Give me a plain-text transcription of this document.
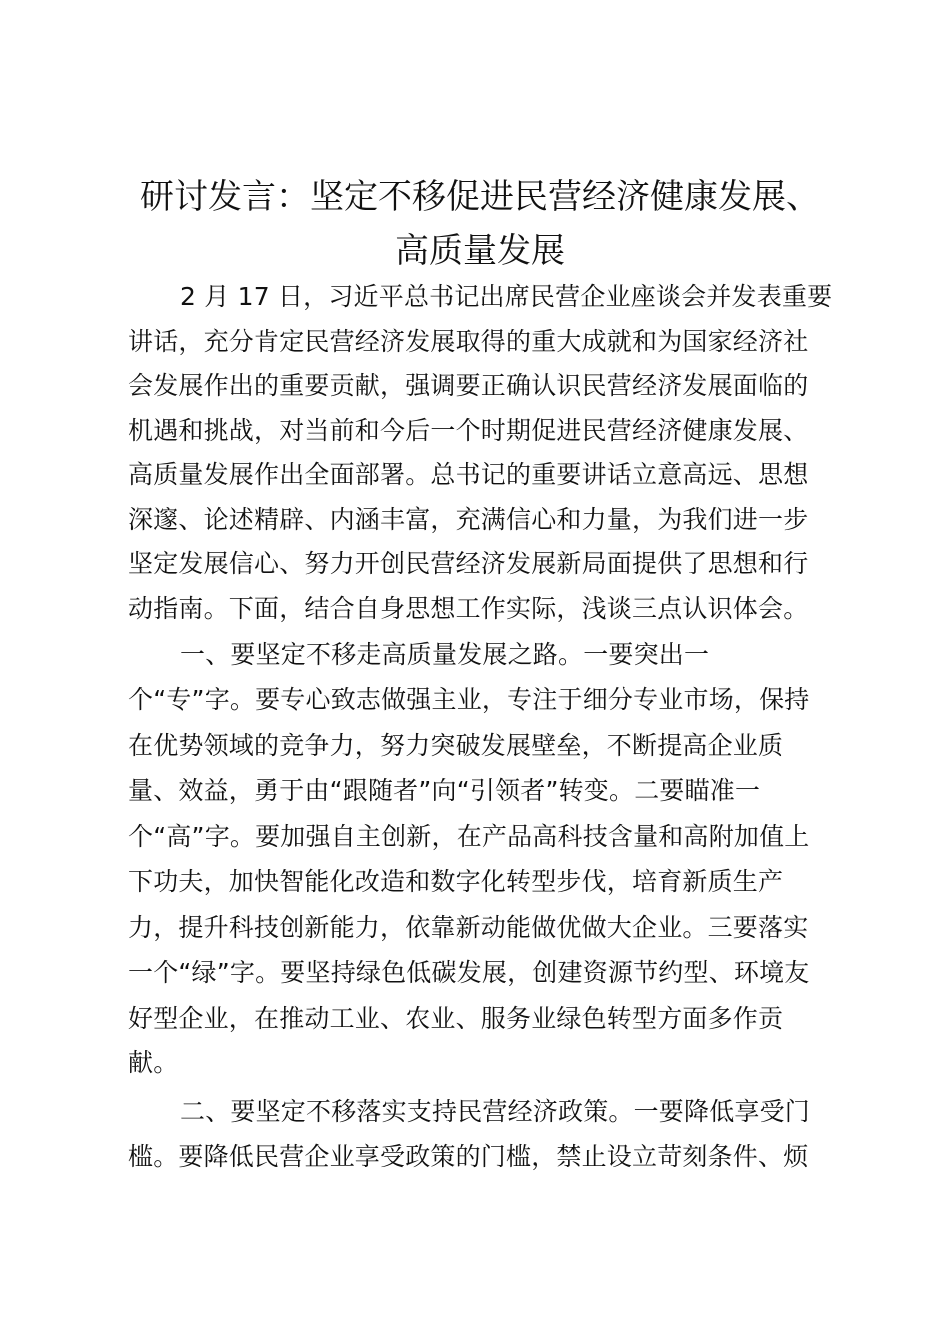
研讨发言：坚定不移促进民营经济健康发展、
高质量发展
2 月 17 日，习近平总书记出席民营企业座谈会并发表重要
讲话，充分肯定民营经济发展取得的重大成就和为国家经济社
会发展作出的重要贡献，强调要正确认识民营经济发展面临的
机遇和挑战，对当前和今后一个时期促进民营经济健康发展、
高质量发展作出全面部署。总书记的重要讲话立意高远、思想
深邃、论述精辟、内涵丰富，充满信心和力量，为我们进一步
坚定发展信心、努力开创民营经济发展新局面提供了思想和行
动指南。下面，结合自身思想工作实际，浅谈三点认识体会。
一、要坚定不移走高质量发展之路。一要突出一
个“专”字。要专心致志做强主业，专注于细分专业市场，保持
在优势领域的竞争力，努力突破发展壁垒，不断提高企业质
量、效益，勇于由“跟随者”向“引领者”转变。二要瞄准一
个“高”字。要加强自主创新，在产品高科技含量和高附加值上
下功夫，加快智能化改造和数字化转型步伐，培育新质生产
力，提升科技创新能力，依靠新动能做优做大企业。三要落实
一个“绿”字。要坚持绿色低碳发展，创建资源节约型、环境友
好型企业，在推动工业、农业、服务业绿色转型方面多作贡
献。
二、要坚定不移落实支持民营经济政策。一要降低享受门
槛。要降低民营企业享受政策的门槛，禁止设立苛刻条件、烦
